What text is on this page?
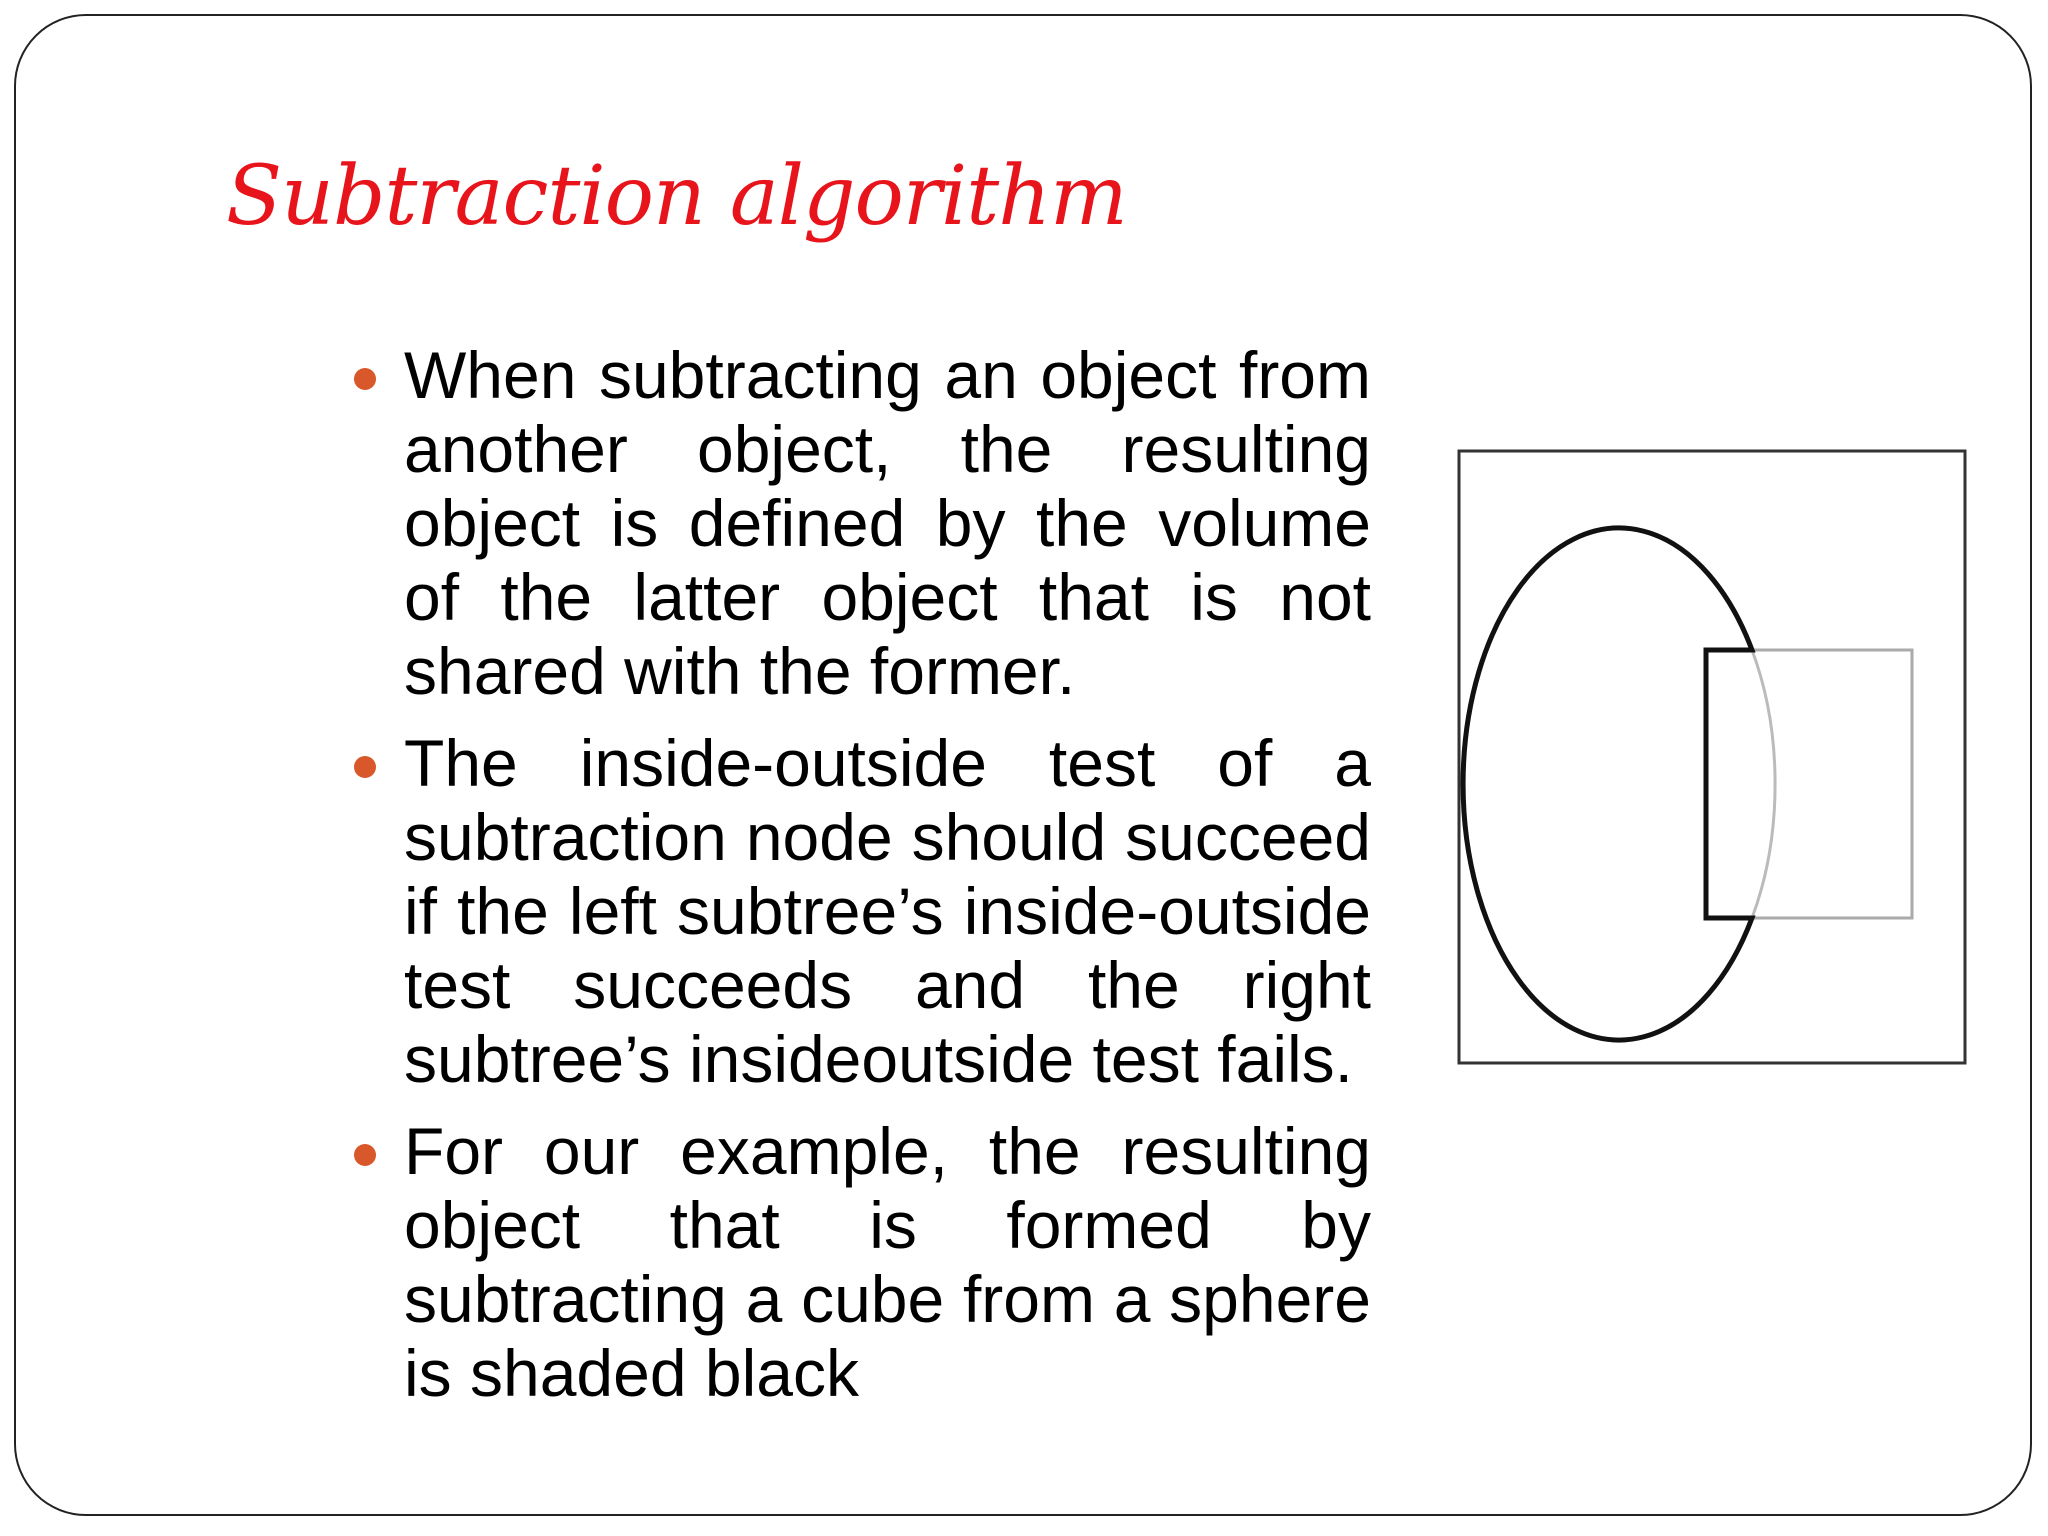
Subtraction algorithm
When subtracting an object from another object, the resulting object is defined by the volume of the latter object that is not shared with the former.
The inside-outside test of a subtraction node should succeed if the left subtree’s inside-outside test succeeds and the right subtree’s insideoutside test fails.
For our example, the resulting object that is formed by subtracting a cube from a sphere is shaded black
